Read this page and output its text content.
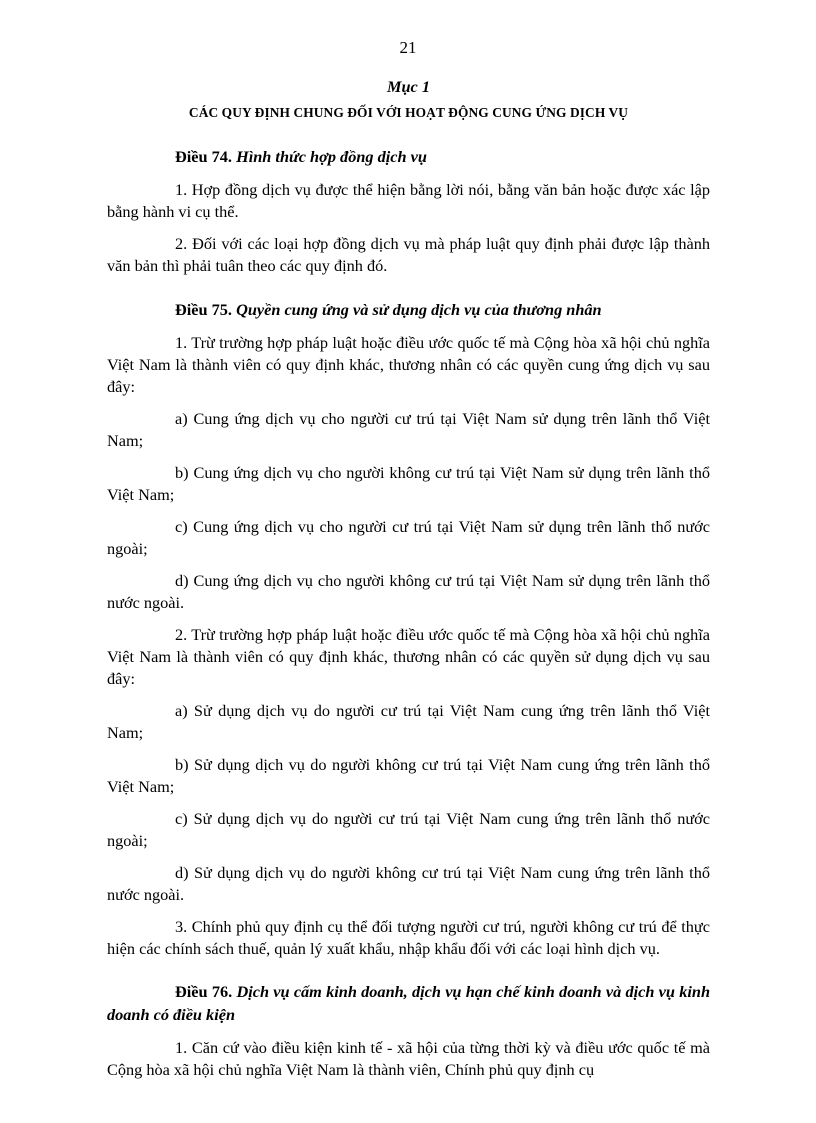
21

Mục 1

CÁC QUY ĐỊNH CHUNG ĐỐI VỚI HOẠT ĐỘNG CUNG ỨNG DỊCH VỤ

Điều 74. Hình thức hợp đồng dịch vụ

1. Hợp đồng dịch vụ được thể hiện bằng lời nói, bằng văn bản hoặc được xác lập bằng hành vi cụ thể.

2. Đối với các loại hợp đồng dịch vụ mà pháp luật quy định phải được lập thành văn bản thì phải tuân theo các quy định đó.

Điều 75. Quyền cung ứng và sử dụng dịch vụ của thương nhân

1. Trừ trường hợp pháp luật hoặc điều ước quốc tế mà Cộng hòa xã hội chủ nghĩa Việt Nam là thành viên có quy định khác, thương nhân có các quyền cung ứng dịch vụ sau đây:

a) Cung ứng dịch vụ cho người cư trú tại Việt Nam sử dụng trên lãnh thổ Việt Nam;

b) Cung ứng dịch vụ cho người không cư trú tại Việt Nam sử dụng trên lãnh thổ Việt Nam;

c) Cung ứng dịch vụ cho người cư trú tại Việt Nam sử dụng trên lãnh thổ nước ngoài;

d) Cung ứng dịch vụ cho người không cư trú tại Việt Nam sử dụng trên lãnh thổ nước ngoài.

2. Trừ trường hợp pháp luật hoặc điều ước quốc tế mà Cộng hòa xã hội chủ nghĩa Việt Nam là thành viên có quy định khác, thương nhân có các quyền sử dụng dịch vụ sau đây:

a) Sử dụng dịch vụ do người cư trú tại Việt Nam cung ứng trên lãnh thổ Việt Nam;

b) Sử dụng dịch vụ do người không cư trú tại Việt Nam cung ứng trên lãnh thổ Việt Nam;

c) Sử dụng dịch vụ do người cư trú tại Việt Nam cung ứng trên lãnh thổ nước ngoài;

d) Sử dụng dịch vụ do người không cư trú tại Việt Nam cung ứng trên lãnh thổ nước ngoài.

3. Chính phủ quy định cụ thể đối tượng người cư trú, người không cư trú để thực hiện các chính sách thuế, quản lý xuất khẩu, nhập khẩu đối với các loại hình dịch vụ.

Điều 76. Dịch vụ cấm kinh doanh, dịch vụ hạn chế kinh doanh và dịch vụ kinh doanh có điều kiện

1. Căn cứ vào điều kiện kinh tế - xã hội của từng thời kỳ và điều ước quốc tế mà Cộng hòa xã hội chủ nghĩa Việt Nam là thành viên, Chính phủ quy định cụ
